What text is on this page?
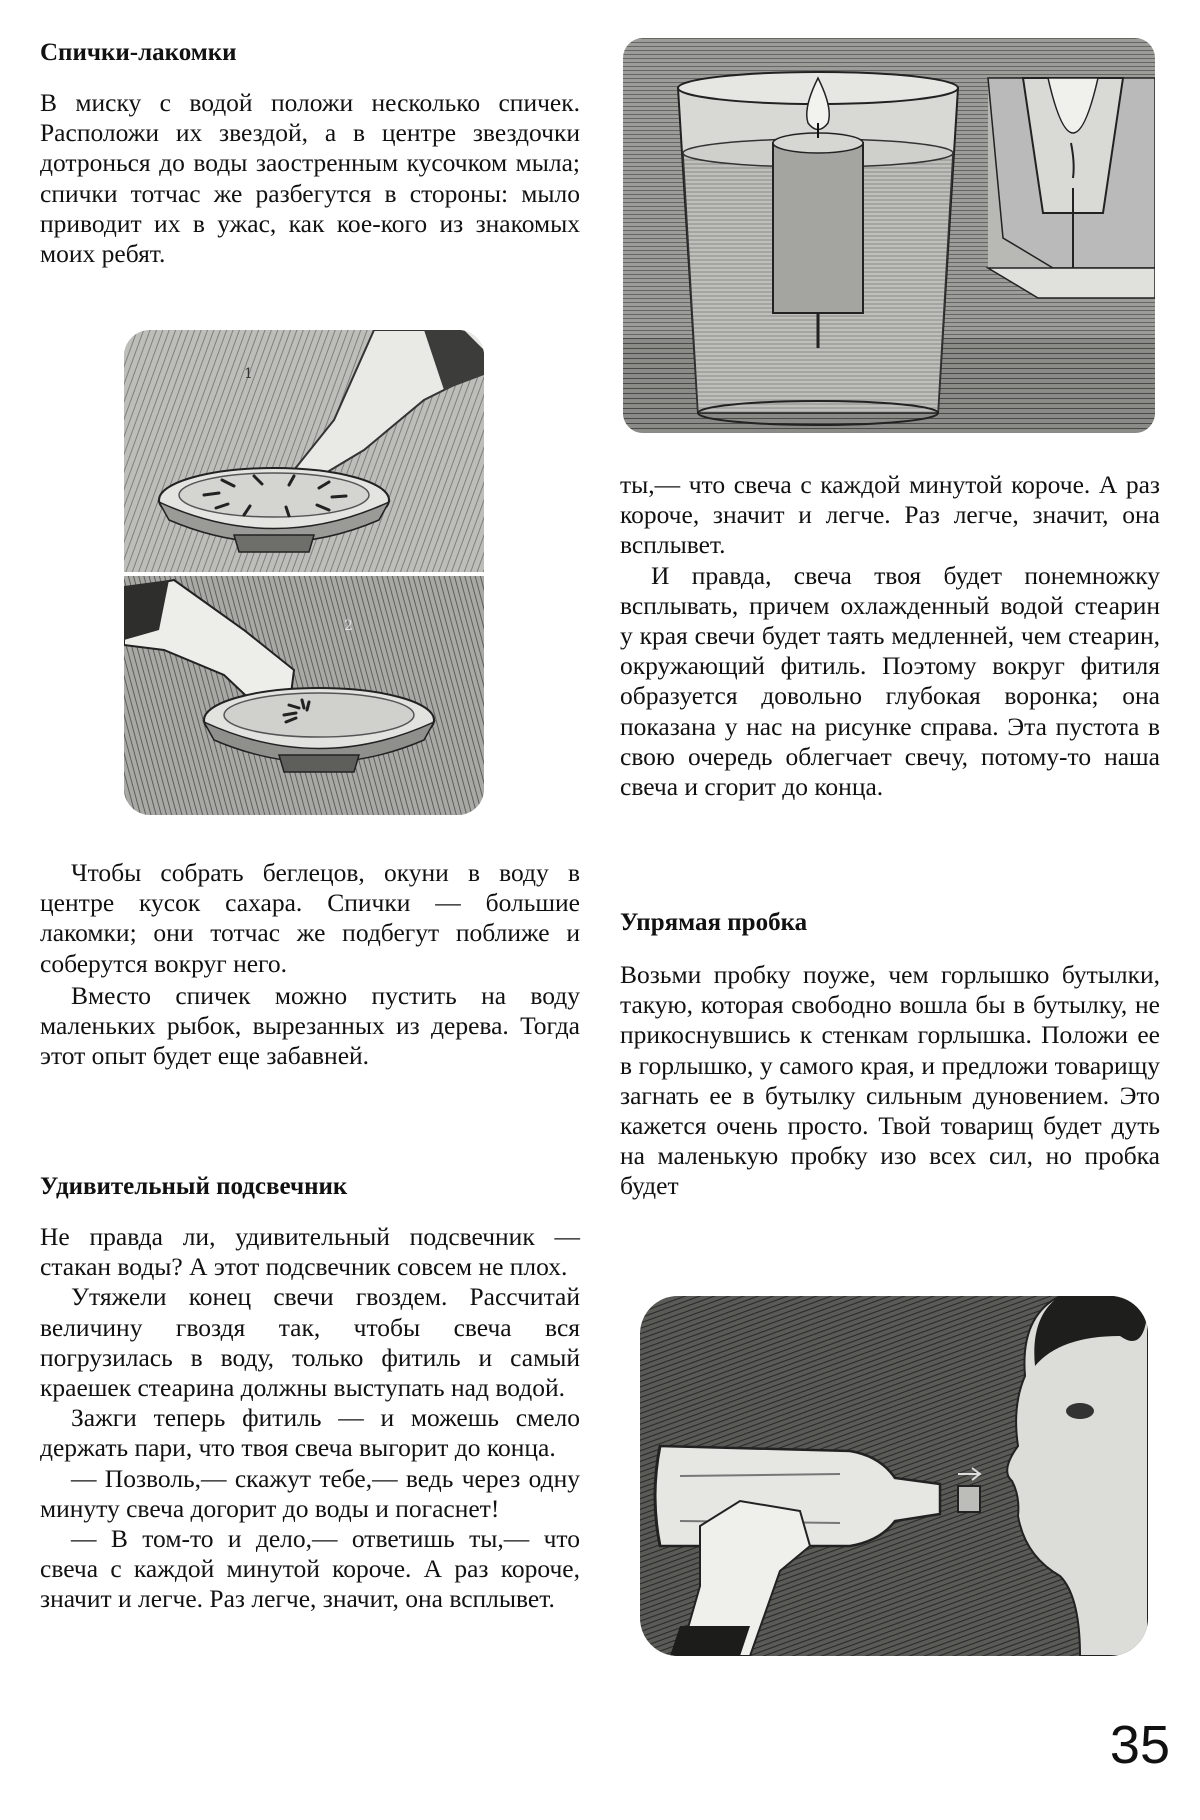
Спички-лакомки

В миску с водой положи несколько спичек. Расположи их звездой, а в центре звездочки дотронься до воды заостренным кусочком мыла; спички тотчас же разбегутся в стороны: мыло приводит их в ужас, как кое-кого из знакомых моих ребят.

1
2

Чтобы собрать беглецов, окуни в воду в центре кусок сахара. Спички — большие лакомки; они тотчас же подбегут поближе и соберутся вокруг него.

Вместо спичек можно пустить на воду маленьких рыбок, вырезанных из дерева. Тогда этот опыт будет еще забавней.

Удивительный подсвечник

Не правда ли, удивительный подсвечник — стакан воды? А этот подсвечник совсем не плох.

Утяжели конец свечи гвоздем. Рассчитай величину гвоздя так, чтобы свеча вся погрузилась в воду, только фитиль и самый краешек стеарина должны выступать над водой.

Зажги теперь фитиль — и можешь смело держать пари, что твоя свеча выгорит до конца.

— Позволь,— скажут тебе,— ведь через одну минуту свеча догорит до воды и погаснет!

— В том-то и дело,— ответишь ты,— что свеча с каждой минутой короче. А раз короче, значит и легче. Раз легче, значит, она всплывет.

ты,— что свеча с каждой минутой короче. А раз короче, значит и легче. Раз легче, значит, она всплывет.

И правда, свеча твоя будет понемножку всплывать, причем охлажденный водой стеарин у края свечи будет таять медленней, чем стеарин, окружающий фитиль. Поэтому вокруг фитиля образуется довольно глубокая воронка; она показана у нас на рисунке справа. Эта пустота в свою очередь облегчает свечу, потому-то наша свеча и сгорит до конца.

Упрямая пробка

Возьми пробку поуже, чем горлышко бутылки, такую, которая свободно вошла бы в бутылку, не прикоснувшись к стенкам горлышка. Положи ее в горлышко, у самого края, и предложи товарищу загнать ее в бутылку сильным дуновением. Это кажется очень просто. Твой товарищ будет дуть на маленькую пробку изо всех сил, но пробка будет

35
